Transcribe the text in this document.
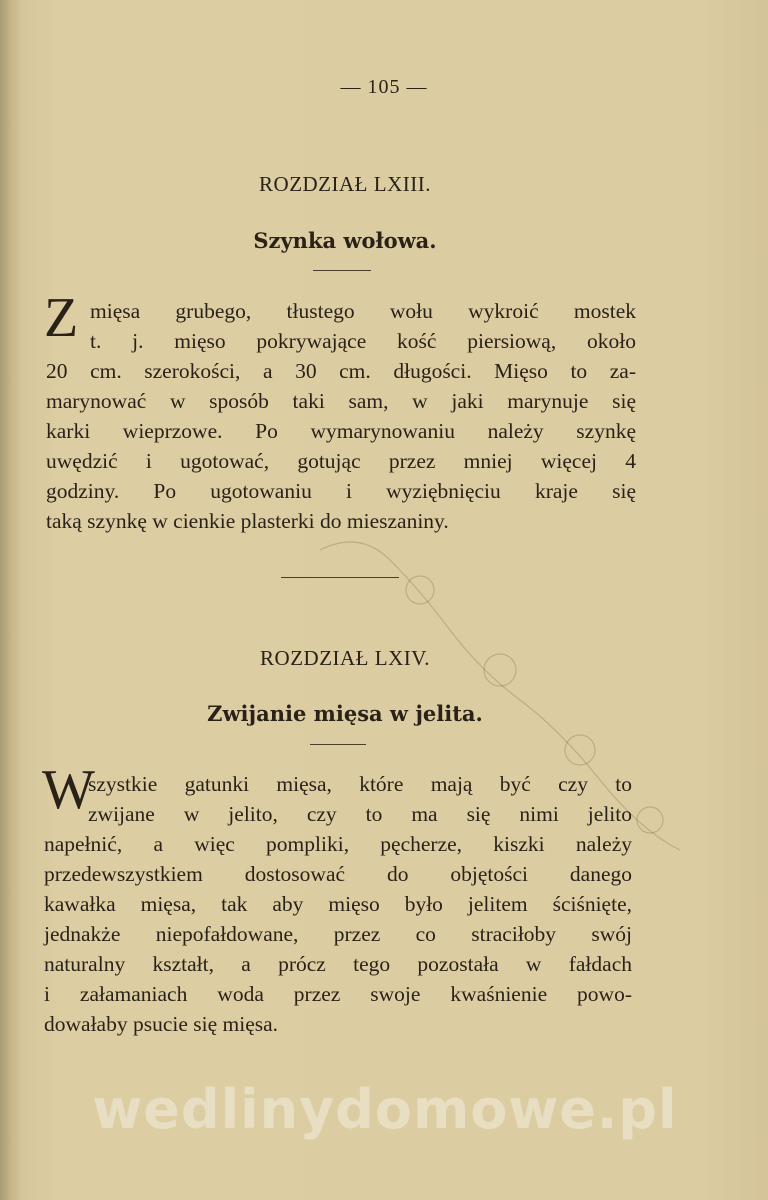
— 105 —
ROZDZIAŁ LXIII.
Szynka wołowa.
Z mięsa grubego, tłustego wołu wykroić mostek
t. j. mięso pokrywające kość piersiową, około
20 cm. szerokości, a 30 cm. długości. Mięso to za-
marynować w sposób taki sam, w jaki marynuje się
karki wieprzowe. Po wymarynowaniu należy szynkę
uwędzić i ugotować, gotując przez mniej więcej 4
godziny. Po ugotowaniu i wyziębnięciu kraje się
taką szynkę w cienkie plasterki do mieszaniny.
ROZDZIAŁ LXIV.
Zwijanie mięsa w jelita.
W
szystkie gatunki mięsa, które mają być czy to
zwijane w jelito, czy to ma się nimi jelito
napełnić, a więc pompliki, pęcherze, kiszki należy
przedewszystkiem dostosować do objętości danego
kawałka mięsa, tak aby mięso było jelitem ściśnięte,
jednakże niepofałdowane, przez co straciłoby swój
naturalny kształt, a prócz tego pozostała w fałdach
i załamaniach woda przez swoje kwaśnienie powo-
dowałaby psucie się mięsa.
wedlinydomowe.pl
